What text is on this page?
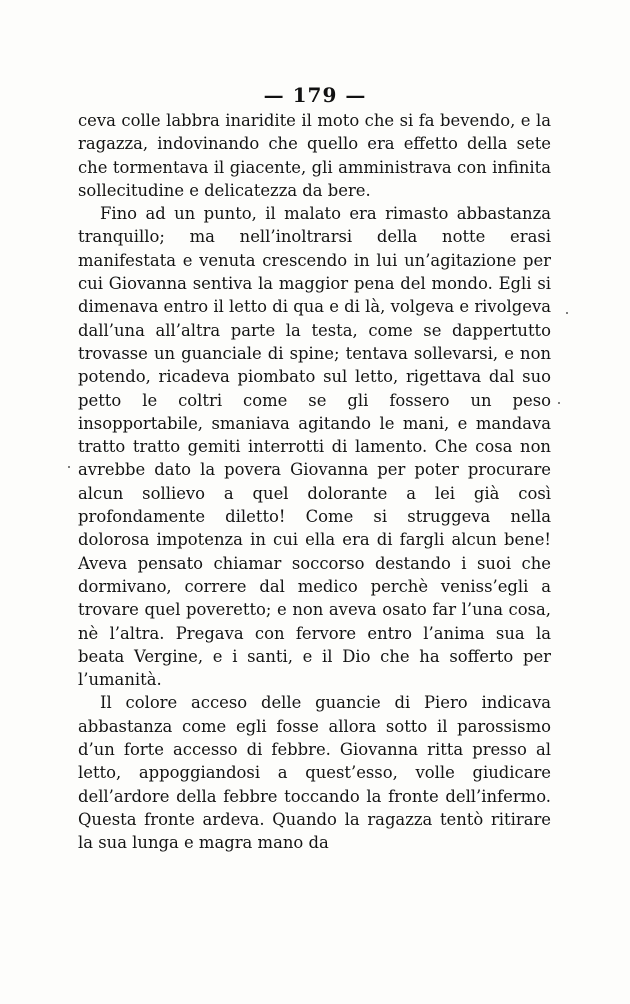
— 179 —

ceva colle labbra inaridite il moto che si fa bevendo, e la ragazza, indovinando che quello era effetto della sete che tormentava il giacente, gli amministrava con infinita sollecitudine e delicatezza da bere.

Fino ad un punto, il malato era rimasto abbastanza tranquillo; ma nell’inoltrarsi della notte erasi manifestata e venuta crescendo in lui un’agitazione per cui Giovanna sentiva la maggior pena del mondo. Egli si dimenava entro il letto di qua e di là, volgeva e rivolgeva dall’una all’altra parte la testa, come se dappertutto trovasse un guanciale di spine; tentava sollevarsi, e non potendo, ricadeva piombato sul letto, rigettava dal suo petto le coltri come se gli fossero un peso insopportabile, smaniava agitando le mani, e mandava tratto tratto gemiti interrotti di lamento. Che cosa non avrebbe dato la povera Giovanna per poter procurare alcun sollievo a quel dolorante a lei già così profondamente diletto! Come si struggeva nella dolorosa impotenza in cui ella era di fargli alcun bene! Aveva pensato chiamar soccorso destando i suoi che dormivano, correre dal medico perchè veniss’egli a trovare quel poveretto; e non aveva osato far l’una cosa, nè l’altra. Pregava con fervore entro l’anima sua la beata Vergine, e i santi, e il Dio che ha sofferto per l’umanità.

Il colore acceso delle guancie di Piero indicava abbastanza come egli fosse allora sotto il parossismo d’un forte accesso di febbre. Giovanna ritta presso al letto, appoggiandosi a quest’esso, volle giudicare dell’ardore della febbre toccando la fronte dell’infermo. Questa fronte ardeva. Quando la ragazza tentò ritirare la sua lunga e magra mano da
